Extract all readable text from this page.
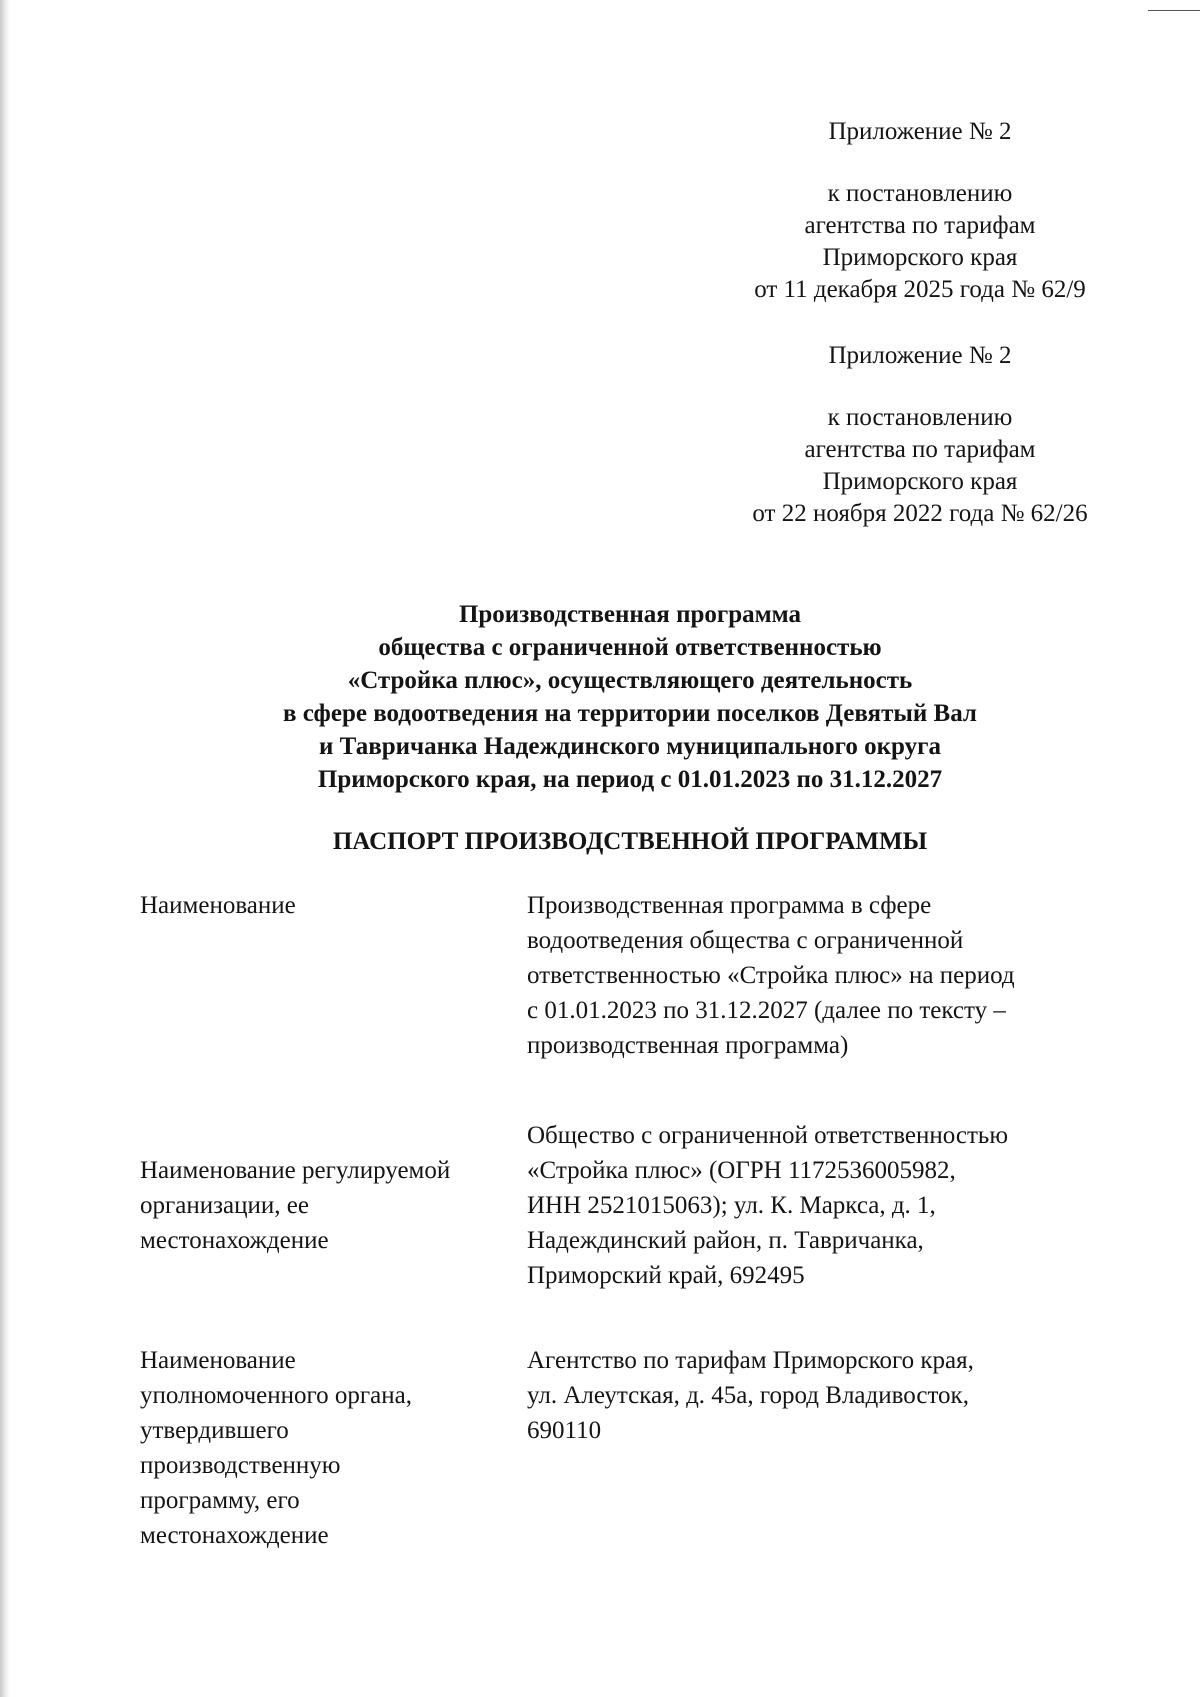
Приложение № 2
к постановлению
агентства по тарифам
Приморского края
от 11 декабря 2025 года № 62/9
Приложение № 2
к постановлению
агентства по тарифам
Приморского края
от 22 ноября 2022 года № 62/26
Производственная программа
общества с ограниченной ответственностью
«Стройка плюс», осуществляющего деятельность
в сфере водоотведения на территории поселков Девятый Вал
и Тавричанка Надеждинского муниципального округа
Приморского края, на период с 01.01.2023 по 31.12.2027
ПАСПОРТ ПРОИЗВОДСТВЕННОЙ ПРОГРАММЫ
Наименование	Производственная программа в сфере
водоотведения общества с ограниченной
ответственностью «Стройка плюс» на период
с 01.01.2023 по 31.12.2027 (далее по тексту –
производственная программа)
Наименование регулируемой
организации, ее
местонахождение
Общество с ограниченной ответственностью
«Стройка плюс» (ОГРН 1172536005982,
ИНН 2521015063); ул. К. Маркса, д. 1,
Надеждинский район, п. Тавричанка,
Приморский край, 692495
Наименование
уполномоченного органа,
утвердившего
производственную
программу, его
местонахождение
Агентство по тарифам Приморского края,
ул. Алеутская, д. 45а, город Владивосток,
690110
